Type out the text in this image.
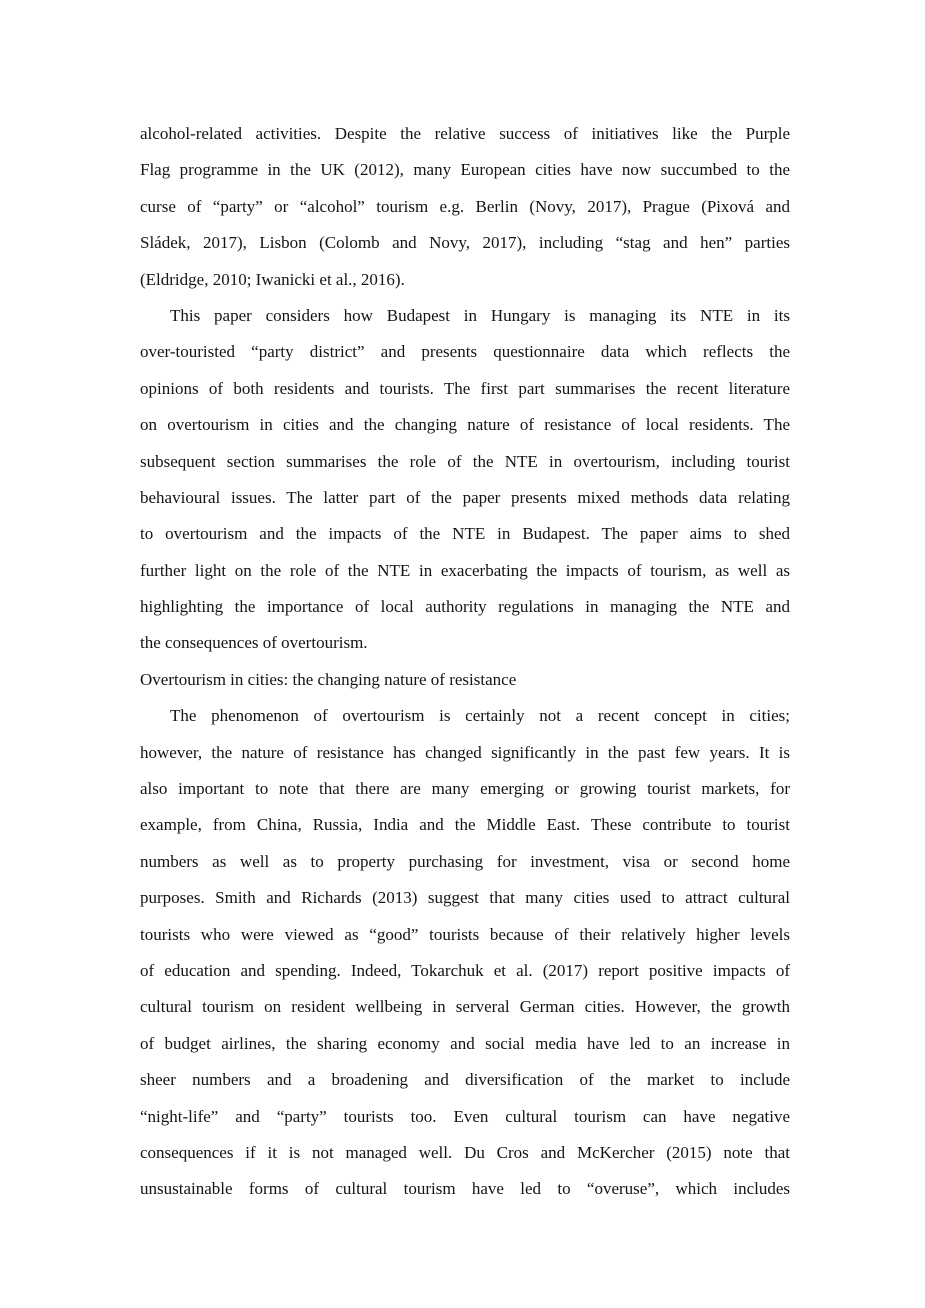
alcohol-related activities. Despite the relative success of initiatives like the Purple
Flag programme in the UK (2012), many European cities have now succumbed to the
curse of “party” or “alcohol” tourism e.g. Berlin (Novy, 2017), Prague (Pixová and
Sládek, 2017), Lisbon (Colomb and Novy, 2017), including “stag and hen” parties
(Eldridge, 2010; Iwanicki et al., 2016).
This paper considers how Budapest in Hungary is managing its NTE in its
over-touristed “party district” and presents questionnaire data which reflects the
opinions of both residents and tourists. The first part summarises the recent literature
on overtourism in cities and the changing nature of resistance of local residents. The
subsequent section summarises the role of the NTE in overtourism, including tourist
behavioural issues. The latter part of the paper presents mixed methods data relating
to overtourism and the impacts of the NTE in Budapest. The paper aims to shed
further light on the role of the NTE in exacerbating the impacts of tourism, as well as
highlighting the importance of local authority regulations in managing the NTE and
the consequences of overtourism.
Overtourism in cities: the changing nature of resistance
The phenomenon of overtourism is certainly not a recent concept in cities;
however, the nature of resistance has changed significantly in the past few years. It is
also important to note that there are many emerging or growing tourist markets, for
example, from China, Russia, India and the Middle East. These contribute to tourist
numbers as well as to property purchasing for investment, visa or second home
purposes. Smith and Richards (2013) suggest that many cities used to attract cultural
tourists who were viewed as “good” tourists because of their relatively higher levels
of education and spending. Indeed, Tokarchuk et al. (2017) report positive impacts of
cultural tourism on resident wellbeing in serveral German cities. However, the growth
of budget airlines, the sharing economy and social media have led to an increase in
sheer numbers and a broadening and diversification of the market to include
“night-life” and “party” tourists too. Even cultural tourism can have negative
consequences if it is not managed well. Du Cros and McKercher (2015) note that
unsustainable forms of cultural tourism have led to “overuse”, which includes
